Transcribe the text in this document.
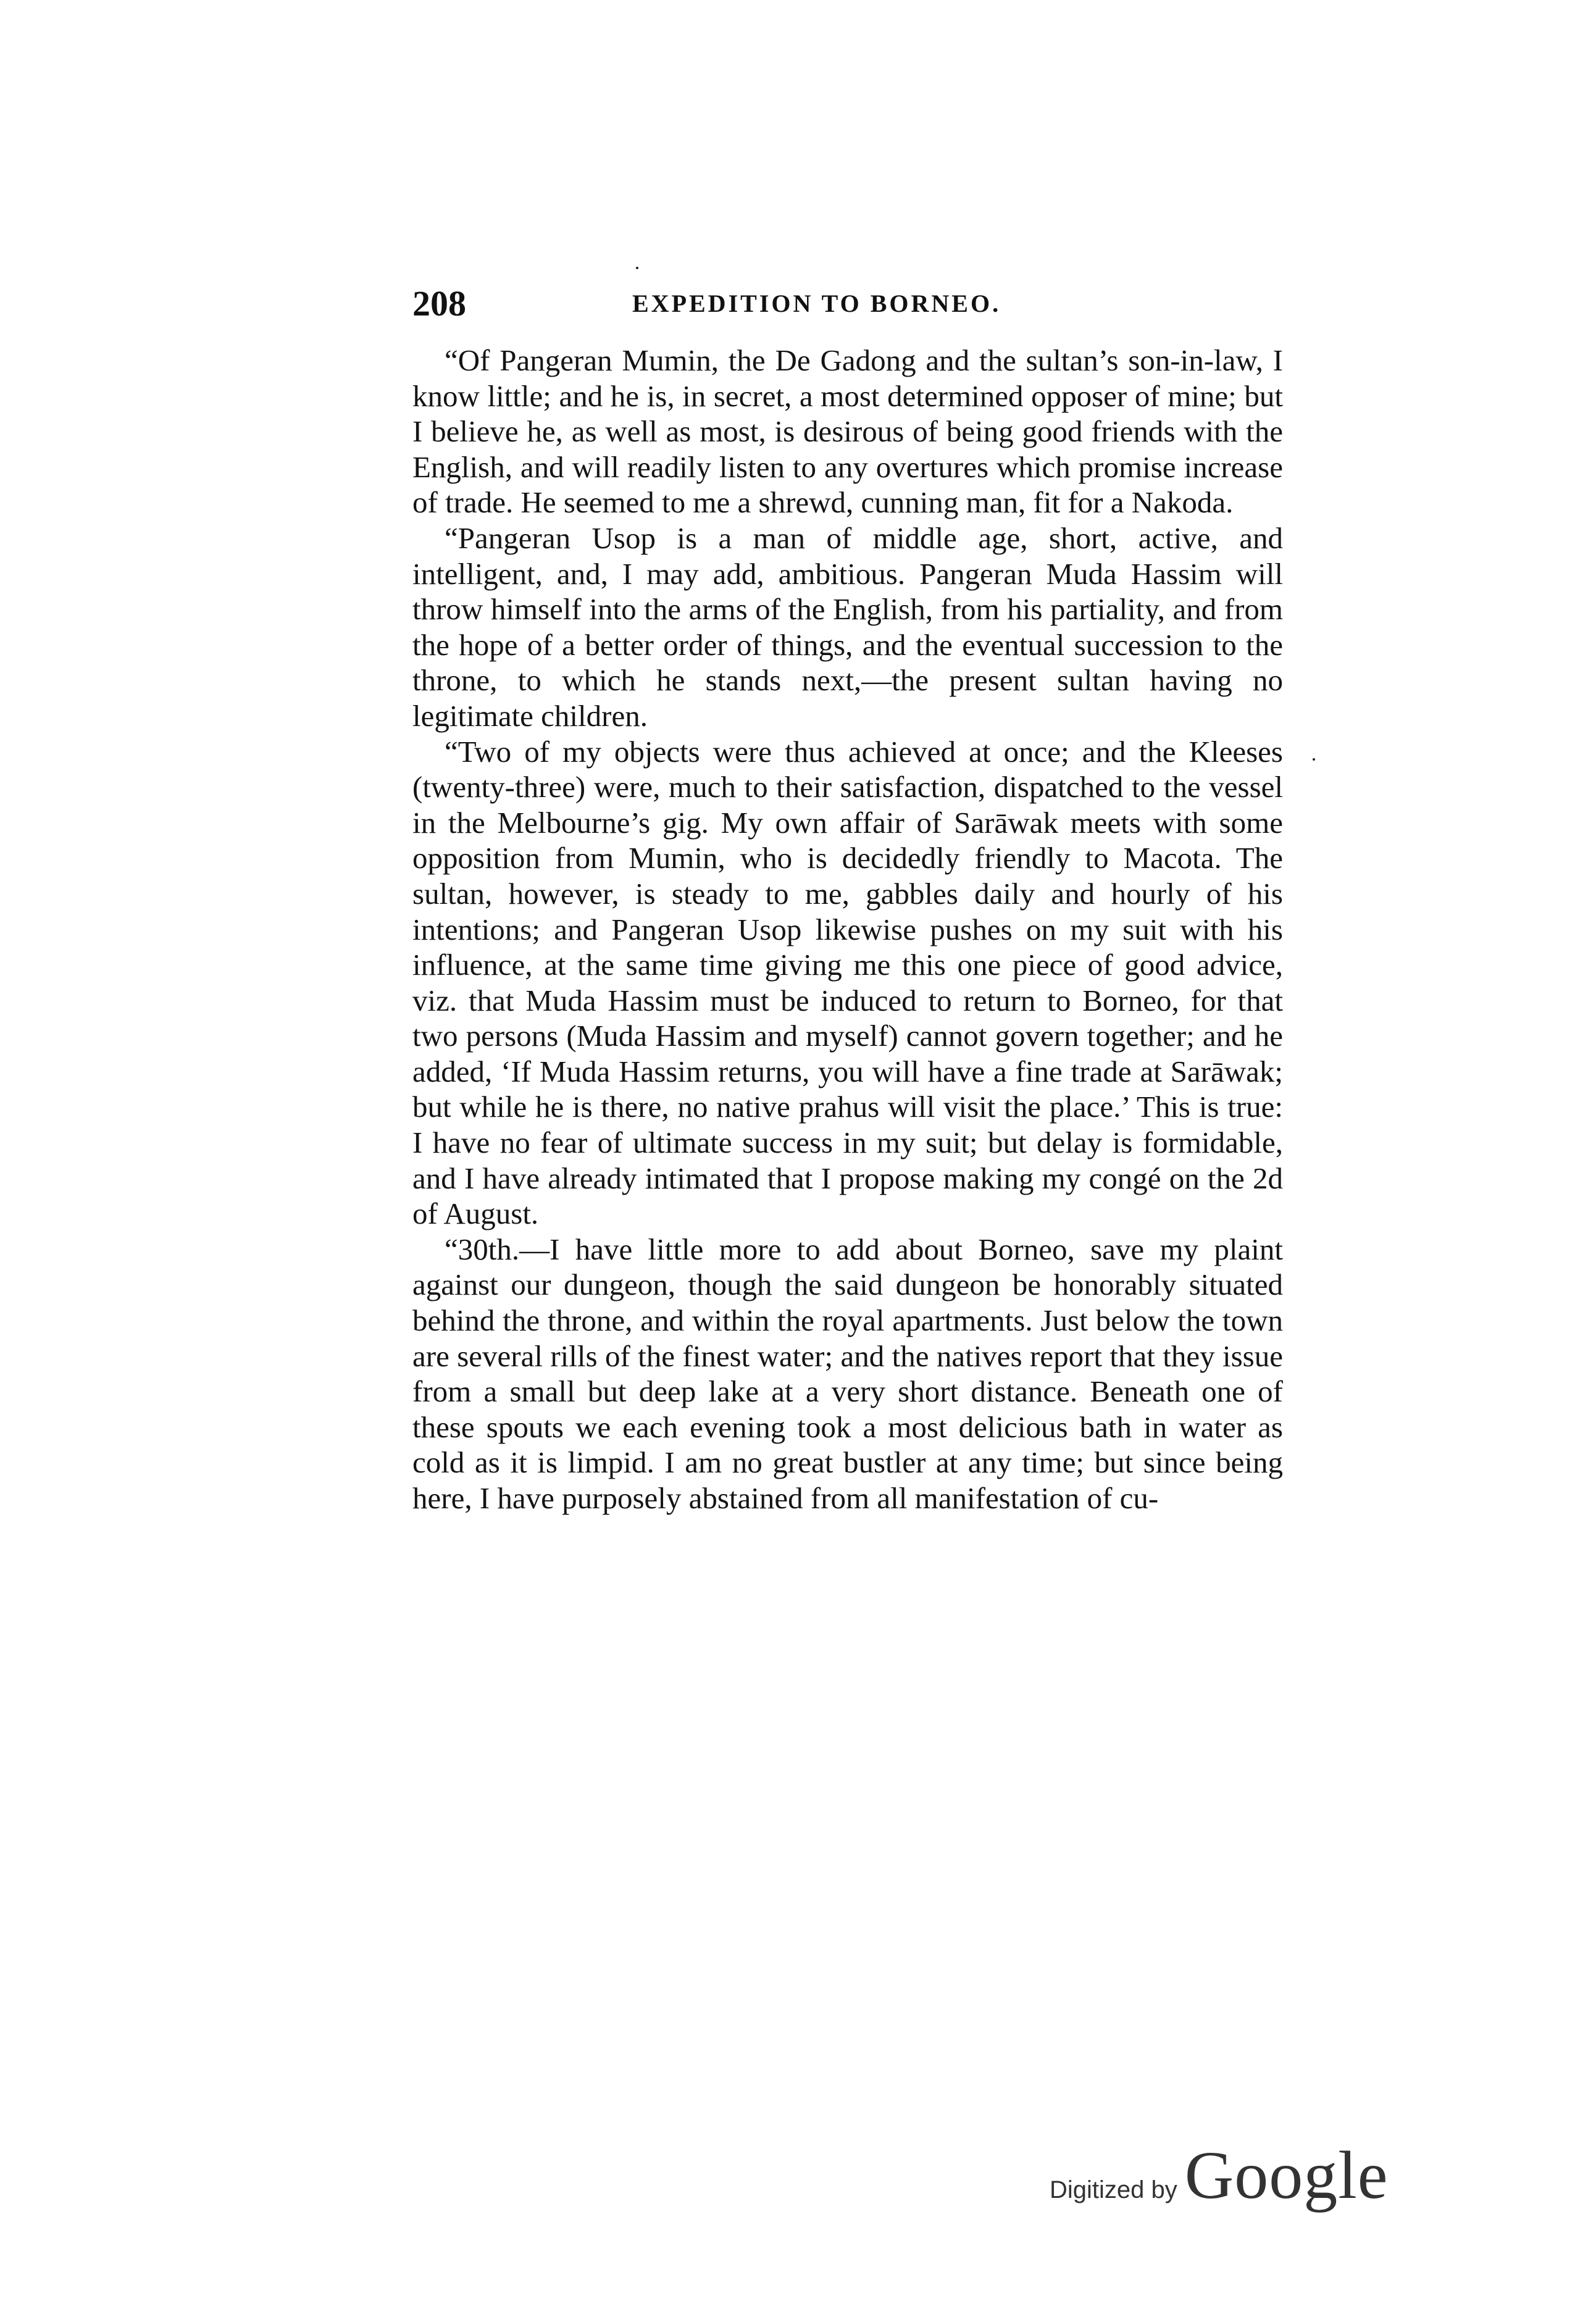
208	EXPEDITION TO BORNEO.

“Of Pangeran Mumin, the De Gadong and the sultan’s son-in-law, I know little; and he is, in secret, a most determined opposer of mine; but I believe he, as well as most, is desirous of being good friends with the English, and will readily listen to any overtures which promise increase of trade. He seemed to me a shrewd, cunning man, fit for a Nakoda.

“Pangeran Usop is a man of middle age, short, active, and intelligent, and, I may add, ambitious. Pangeran Muda Hassim will throw himself into the arms of the English, from his partiality, and from the hope of a better order of things, and the eventual succession to the throne, to which he stands next,—the present sultan having no legitimate children.

“Two of my objects were thus achieved at once; and the Kleeses (twenty-three) were, much to their satisfaction, dispatched to the vessel in the Melbourne’s gig. My own affair of Sarāwak meets with some opposition from Mumin, who is decidedly friendly to Macota. The sultan, however, is steady to me, gabbles daily and hourly of his intentions; and Pangeran Usop likewise pushes on my suit with his influence, at the same time giving me this one piece of good advice, viz. that Muda Hassim must be induced to return to Borneo, for that two persons (Muda Hassim and myself) cannot govern together; and he added, ‘If Muda Hassim returns, you will have a fine trade at Sarāwak; but while he is there, no native prahus will visit the place.’ This is true: I have no fear of ultimate success in my suit; but delay is formidable, and I have already intimated that I propose making my congé on the 2d of August.

“30th.—I have little more to add about Borneo, save my plaint against our dungeon, though the said dungeon be honorably situated behind the throne, and within the royal apartments. Just below the town are several rills of the finest water; and the natives report that they issue from a small but deep lake at a very short distance. Beneath one of these spouts we each evening took a most delicious bath in water as cold as it is limpid. I am no great bustler at any time; but since being here, I have purposely abstained from all manifestation of cu-

Digitized by Google
